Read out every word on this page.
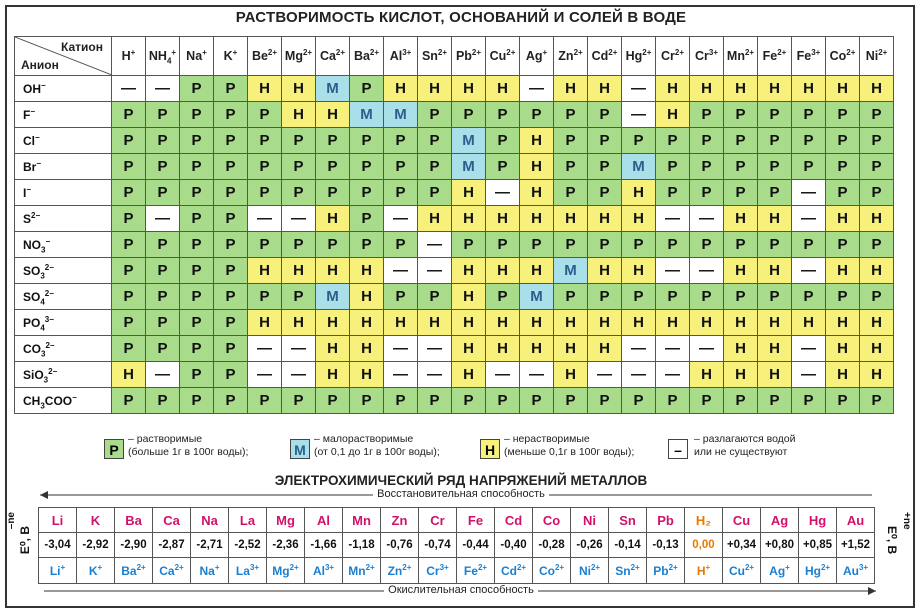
РАСТВОРИМОСТЬ КИСЛОТ, ОСНОВАНИЙ И СОЛЕЙ В ВОДЕ
Катион
Анион	H+	$NH_4^+$	Na+	K+	$Be^{2+}$	$Mg^{2+}$	$Ca^{2+}$	$Ba^{2+}$	$Al^{3+}$	$Sn^{2+}$	$Pb^{2+}$	$Cu^{2+}$	Ag+	$Zn^{2+}$	$Cd^{2+}$	$Hg^{2+}$	$Cr^{2+}$	$Cr^{3+}$	$Mn^{2+}$	$Fe^{2+}$	$Fe^{3+}$	$Co^{2+}$	$Ni^{2+}$
OH−	—	—	Р	Р	Н	Н	М	Р	Н	Н	Н	Н	—	Н	Н	—	Н	Н	Н	Н	Н	Н	Н
F−	Р	Р	Р	Р	Р	Н	Н	М	М	Р	Р	Р	Р	Р	Р	—	Н	Р	Р	Р	Р	Р	Р
Cl−	Р	Р	Р	Р	Р	Р	Р	Р	Р	Р	М	Р	Н	Р	Р	Р	Р	Р	Р	Р	Р	Р	Р
Br−	Р	Р	Р	Р	Р	Р	Р	Р	Р	Р	М	Р	Н	Р	Р	М	Р	Р	Р	Р	Р	Р	Р
I−	Р	Р	Р	Р	Р	Р	Р	Р	Р	Р	Н	—	Н	Р	Р	Н	Р	Р	Р	Р	—	Р	Р
$S^{2-}$	Р	—	Р	Р	—	—	Н	Р	—	Н	Н	Н	Н	Н	Н	Н	—	—	Н	Н	—	Н	Н
$NO_3^-$	Р	Р	Р	Р	Р	Р	Р	Р	Р	—	Р	Р	Р	Р	Р	Р	Р	Р	Р	Р	Р	Р	Р
$SO_3^{2-}$	Р	Р	Р	Р	Н	Н	Н	Н	—	—	Н	Н	Н	М	Н	Н	—	—	Н	Н	—	Н	Н
$SO_4^{2-}$	Р	Р	Р	Р	Р	Р	М	Н	Р	Р	Н	Р	М	Р	Р	Р	Р	Р	Р	Р	Р	Р	Р
$PO_4^{3-}$	Р	Р	Р	Р	Н	Н	Н	Н	Н	Н	Н	Н	Н	Н	Н	Н	Н	Н	Н	Н	Н	Н	Н
$CO_3^{2-}$	Р	Р	Р	Р	—	—	Н	Н	—	—	Н	Н	Н	Н	Н	—	—	—	Н	Н	—	Н	Н
SiO$_3^{2-}$	Н	—	Р	Р	—	—	Н	Н	—	—	Н	—	—	Н	—	—	—	Н	Н	Н	—	Н	Н
$CH_3COO^-$	Р	Р	Р	Р	Р	Р	Р	Р	Р	Р	Р	Р	Р	Р	Р	Р	Р	Р	Р	Р	Р	Р	Р
Р
– растворимые
(больше 1г в 100г воды);	М
– малорастворимые
(от 0,1 до 1г в 100г воды);	Н
– нерастворимые
(меньше 0,1г в 100г воды);	–
– разлагаются водой
или не существуют
ЭЛЕКТРОХИМИЧЕСКИЙ РЯД НАПРЯЖЕНИЙ МЕТАЛЛОВ
Восстановительная способность
Li	K	Ba	Ca	Na	La	Mg	Al	Mn	Zn	Cr	Fe	Cd	Co	Ni	Sn	Pb	H₂	Cu	Ag	Hg	Au
-3,04	-2,92	-2,90	-2,87	-2,71	-2,52	-2,36	-1,66	-1,18	-0,76	-0,74	-0,44	-0,40	-0,28	-0,26	-0,14	-0,13	0,00	+0,34	+0,80	+0,85	+1,52
Li+	K+	$Ba^{2+}$	$Ca^{2+}$	Na+	$La^{3+}$	$Mg^{2+}$	$Al^{3+}$	$Mn^{2+}$	$Zn^{2+}$	$Cr^{3+}$	$Fe^{2+}$	$Cd^{2+}$	$Co^{2+}$	$Ni^{2+}$	$Sn^{2+}$	$Pb^{2+}$	H+	$Cu^{2+}$	Ag+	$Hg^{2+}$	$Au^{3+}$
Окислительная способность
E⁰, В
–ne
E⁰, В
+ne
